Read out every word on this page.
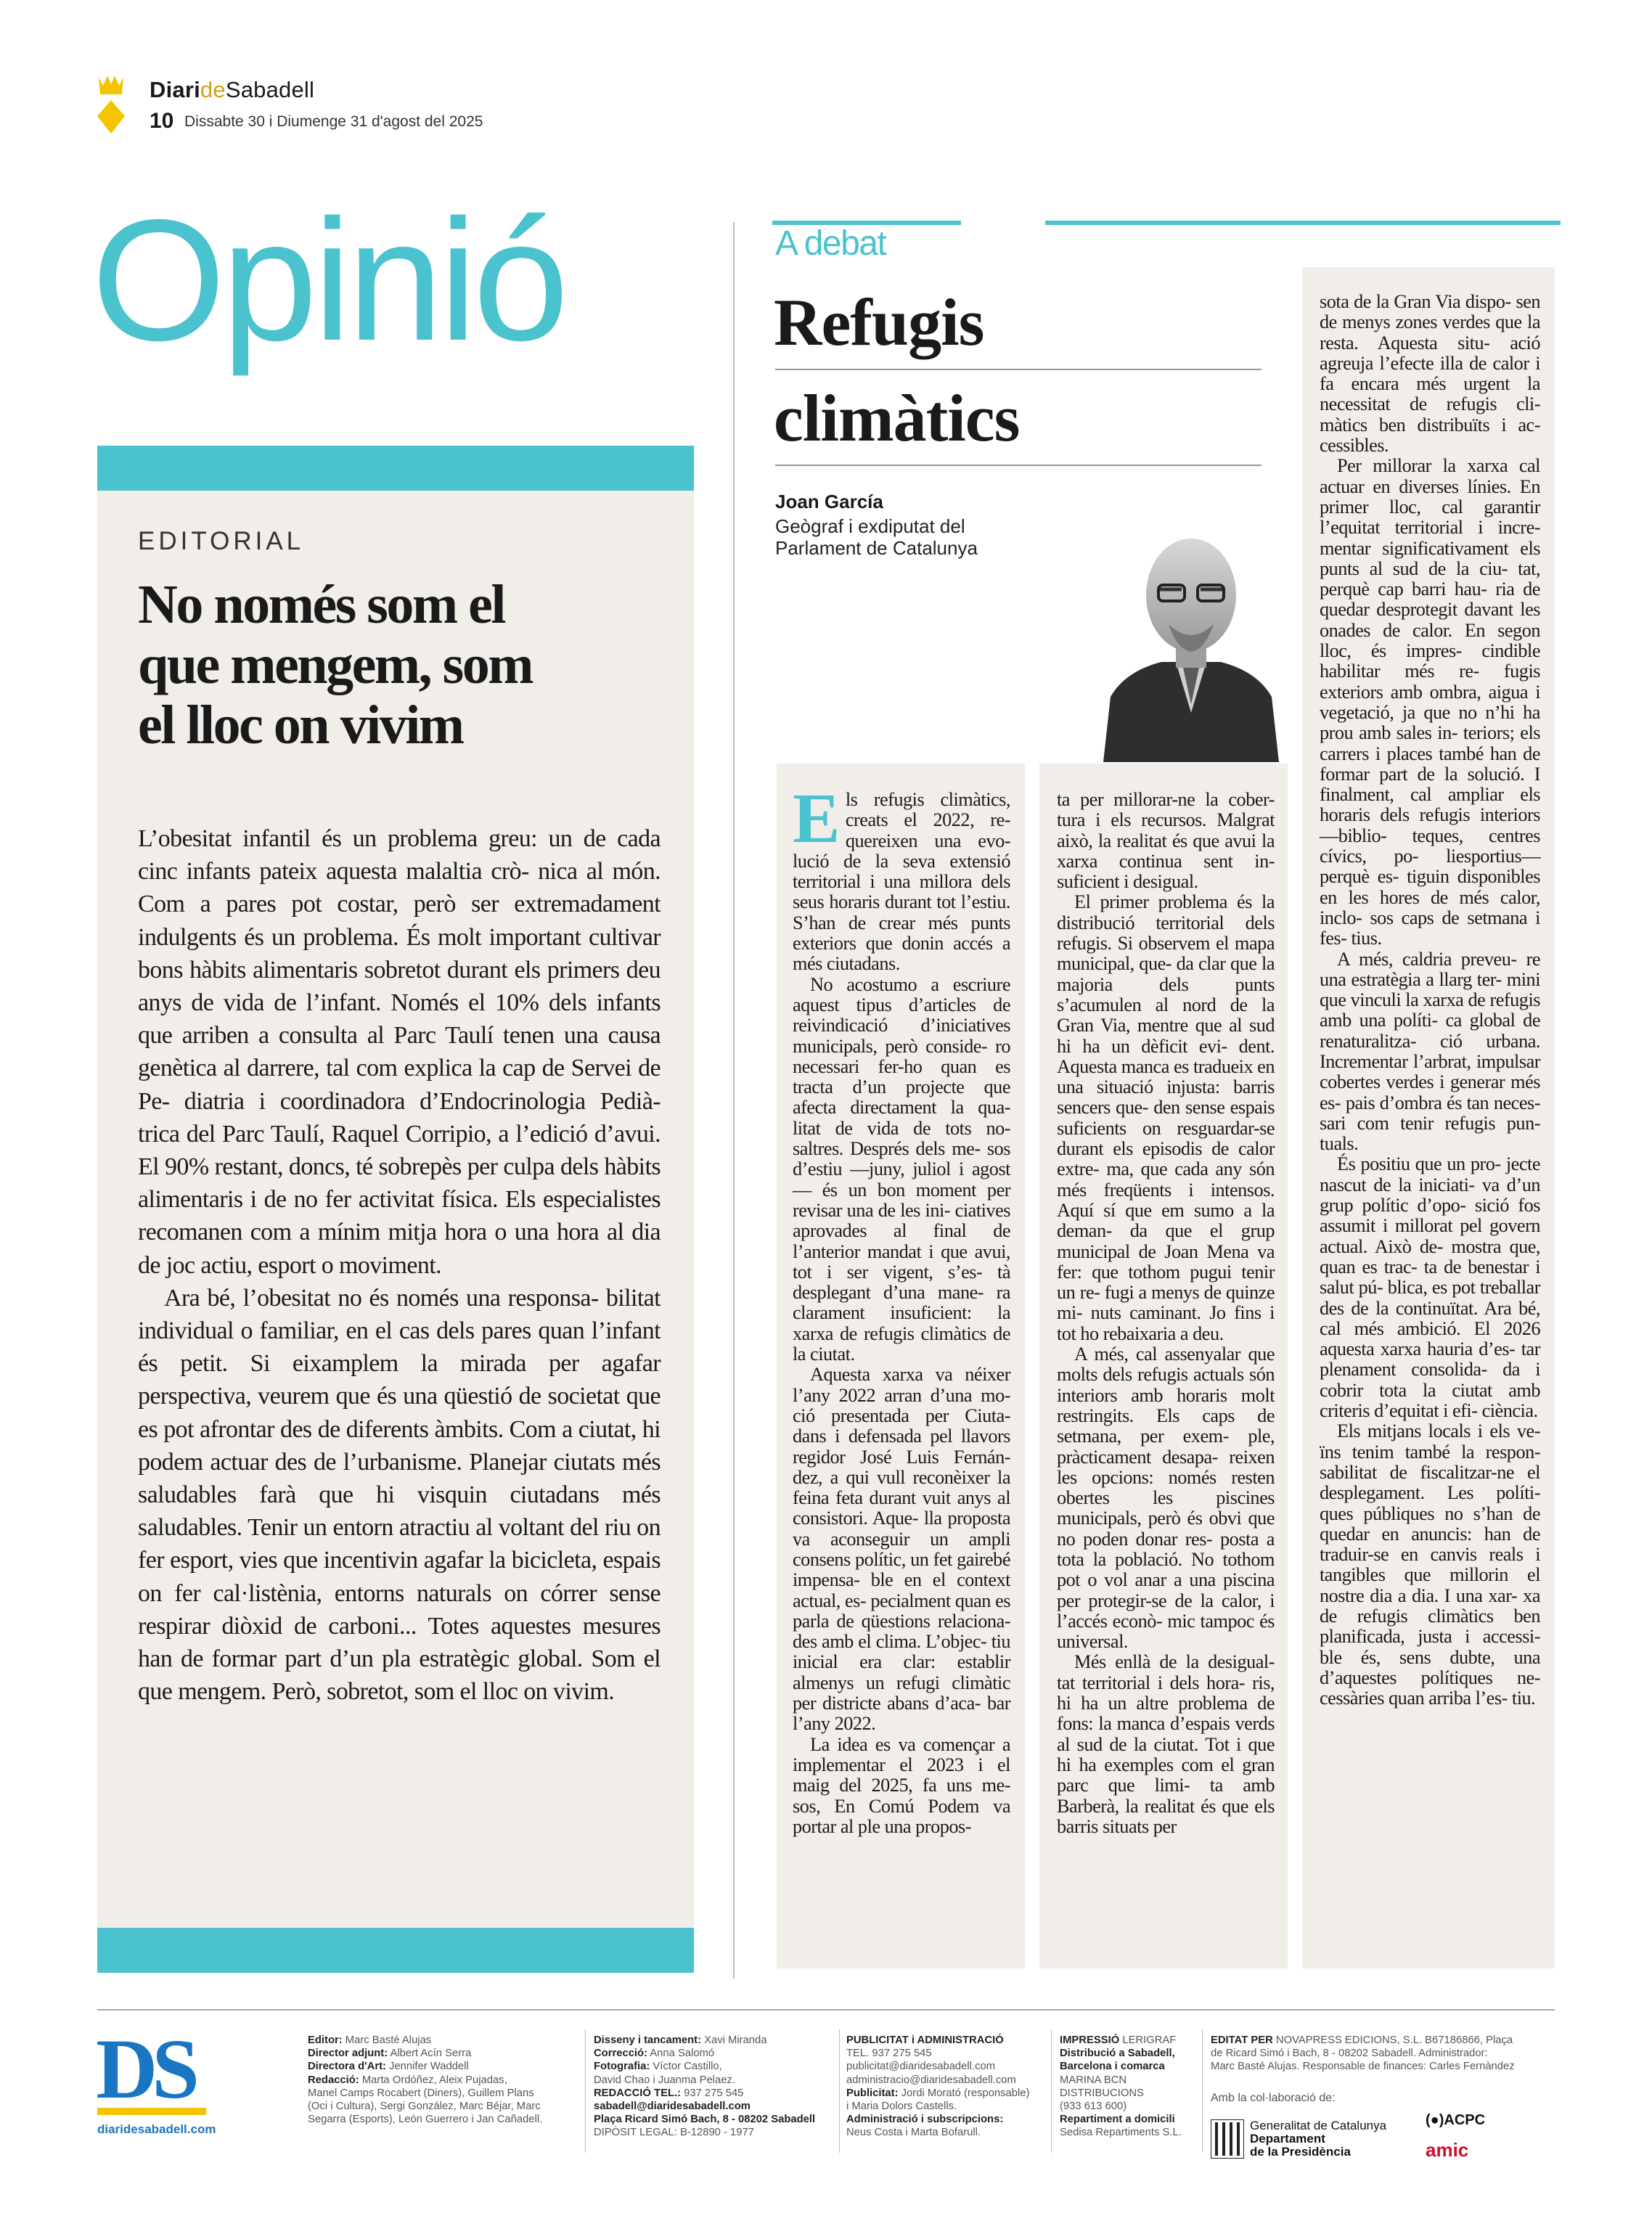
DiarideSabadell
10 Dissabte 30 i Diumenge 31 d'agost del 2025
Opinió
EDITORIAL
No només som el
que mengem, som
el lloc on vivim

L’obesitat infantil és un problema greu: un de cada cinc infants pateix aquesta malaltia crò- nica al món. Com a pares pot costar, però ser extremadament indulgents és un problema. És molt important cultivar bons hàbits alimentaris sobretot durant els primers deu anys de vida de l’infant. Només el 10% dels infants que arriben a consulta al Parc Taulí tenen una causa genètica al darrere, tal com explica la cap de Servei de Pe- diatria i coordinadora d’Endocrinologia Pedià- trica del Parc Taulí, Raquel Corripio, a l’edició d’avui. El 90% restant, doncs, té sobrepès per culpa dels hàbits alimentaris i de no fer activitat física. Els especialistes recomanen com a mínim mitja hora o una hora al dia de joc actiu, esport o moviment.

Ara bé, l’obesitat no és només una responsa- bilitat individual o familiar, en el cas dels pares quan l’infant és petit. Si eixamplem la mirada per agafar perspectiva, veurem que és una qüestió de societat que es pot afrontar des de diferents àmbits. Com a ciutat, hi podem actuar des de l’urbanisme. Planejar ciutats més saludables farà que hi visquin ciutadans més saludables. Tenir un entorn atractiu al voltant del riu on fer esport, vies que incentivin agafar la bicicleta, espais on fer cal·listènia, entorns naturals on córrer sense respirar diòxid de carboni... Totes aquestes mesures han de formar part d’un pla estratègic global. Som el que mengem. Però, sobretot, som el lloc on vivim.

A debat
Refugis
climàtics
Joan García
Geògraf i exdiputat del
Parlament de Catalunya
E ls refugis climàtics, creats el 2022, re- quereixen una evo- lució de la seva extensió territorial i una millora dels seus horaris durant tot l’estiu. S’han de crear més punts exteriors que donin accés a més ciutadans.

No acostumo a escriure aquest tipus d’articles de reivindicació d’iniciatives municipals, però conside- ro necessari fer-ho quan es tracta d’un projecte que afecta directament la qua- litat de vida de tots no- saltres. Després dels me- sos d’estiu —juny, juliol i agost— és un bon moment per revisar una de les ini- ciatives aprovades al final de l’anterior mandat i que avui, tot i ser vigent, s’es- tà desplegant d’una mane- ra clarament insuficient: la xarxa de refugis climàtics de la ciutat.

Aquesta xarxa va néixer l’any 2022 arran d’una mo- ció presentada per Ciuta- dans i defensada pel llavors regidor José Luis Fernán- dez, a qui vull reconèixer la feina feta durant vuit anys al consistori. Aque- lla proposta va aconseguir un ampli consens polític, un fet gairebé impensa- ble en el context actual, es- pecialment quan es parla de qüestions relaciona- des amb el clima. L’objec- tiu inicial era clar: establir almenys un refugi climàtic per districte abans d’aca- bar l’any 2022.

La idea es va començar a implementar el 2023 i el maig del 2025, fa uns me- sos, En Comú Podem va portar al ple una propos-

ta per millorar-ne la cober- tura i els recursos. Malgrat això, la realitat és que avui la xarxa continua sent in- suficient i desigual.

El primer problema és la distribució territorial dels refugis. Si observem el mapa municipal, que- da clar que la majoria dels punts s’acumulen al nord de la Gran Via, mentre que al sud hi ha un dèficit evi- dent. Aquesta manca es tradueix en una situació injusta: barris sencers que- den sense espais suficients on resguardar-se durant els episodis de calor extre- ma, que cada any són més freqüents i intensos. Aquí sí que em sumo a la deman- da que el grup municipal de Joan Mena va fer: que tothom pugui tenir un re- fugi a menys de quinze mi- nuts caminant. Jo fins i tot ho rebaixaria a deu.

A més, cal assenyalar que molts dels refugis actuals són interiors amb horaris molt restringits. Els caps de setmana, per exem- ple, pràcticament desapa- reixen les opcions: només resten obertes les piscines municipals, però és obvi que no poden donar res- posta a tota la població. No tothom pot o vol anar a una piscina per protegir-se de la calor, i l’accés econò- mic tampoc és universal.

Més enllà de la desigual- tat territorial i dels hora- ris, hi ha un altre problema de fons: la manca d’espais verds al sud de la ciutat. Tot i que hi ha exemples com el gran parc que limi- ta amb Barberà, la realitat és que els barris situats per

sota de la Gran Via dispo- sen de menys zones verdes que la resta. Aquesta situ- ació agreuja l’efecte illa de calor i fa encara més urgent la necessitat de refugis cli- màtics ben distribuïts i ac- cessibles.

Per millorar la xarxa cal actuar en diverses línies. En primer lloc, cal garantir l’equitat territorial i incre- mentar significativament els punts al sud de la ciu- tat, perquè cap barri hau- ria de quedar desprotegit davant les onades de calor. En segon lloc, és impres- cindible habilitar més re- fugis exteriors amb ombra, aigua i vegetació, ja que no n’hi ha prou amb sales in- teriors; els carrers i places també han de formar part de la solució. I finalment, cal ampliar els horaris dels refugis interiors —biblio- teques, centres cívics, po- liesportius— perquè es- tiguin disponibles en les hores de més calor, inclo- sos caps de setmana i fes- tius.

A més, caldria preveu- re una estratègia a llarg ter- mini que vinculi la xarxa de refugis amb una políti- ca global de renaturalitza- ció urbana. Incrementar l’arbrat, impulsar cobertes verdes i generar més es- pais d’ombra és tan neces- sari com tenir refugis pun- tuals.

És positiu que un pro- jecte nascut de la iniciati- va d’un grup polític d’opo- sició fos assumit i millorat pel govern actual. Això de- mostra que, quan es trac- ta de benestar i salut pú- blica, es pot treballar des de la continuïtat. Ara bé, cal més ambició. El 2026 aquesta xarxa hauria d’es- tar plenament consolida- da i cobrir tota la ciutat amb criteris d’equitat i efi- ciència.

Els mitjans locals i els ve- ïns tenim també la respon- sabilitat de fiscalitzar-ne el desplegament. Les políti- ques públiques no s’han de quedar en anuncis: han de traduir-se en canvis reals i tangibles que millorin el nostre dia a dia. I una xar- xa de refugis climàtics ben planificada, justa i accessi- ble és, sens dubte, una d’aquestes polítiques ne- cessàries quan arriba l’es- tiu.

DS
diaridesabadell.com
Editor: Marc Basté Alujas
Director adjunt: Albert Acín Serra
Directora d'Art: Jennifer Waddell
Redacció: Marta Ordóñez, Aleix Pujadas,
Manel Camps Rocabert (Diners), Guillem Plans
(Oci i Cultura), Sergi González, Marc Béjar, Marc
Segarra (Esports), León Guerrero i Jan Cañadell.
Disseny i tancament: Xavi Miranda
Correcció: Anna Salomó
Fotografia: Víctor Castillo,
David Chao i Juanma Pelaez.
REDACCIÓ TEL.: 937 275 545
sabadell@diaridesabadell.com
Plaça Ricard Simó Bach, 8 - 08202 Sabadell
DIPÒSIT LEGAL: B-12890 - 1977
PUBLICITAT i ADMINISTRACIÓ
TEL. 937 275 545
publicitat@diaridesabadell.com
administracio@diaridesabadell.com
Publicitat: Jordi Morató (responsable)
i Maria Dolors Castells.
Administració i subscripcions:
Neus Costa i Marta Bofarull.
IMPRESSIÓ LERIGRAF
Distribució a Sabadell,
Barcelona i comarca
MARINA BCN
DISTRIBUCIONS
(933 613 600)
Repartiment a domicili
Sedisa Repartiments S.L.
EDITAT PER NOVAPRESS EDICIONS, S.L. B67186866, Plaça
de Ricard Simó i Bach, 8 - 08202 Sabadell. Administrador:
Marc Basté Alujas. Responsable de finances: Carles Fernàndez
Amb la col·laboració de:
Generalitat de Catalunya
Departament
de la Presidència
(●)ACPC
amic
